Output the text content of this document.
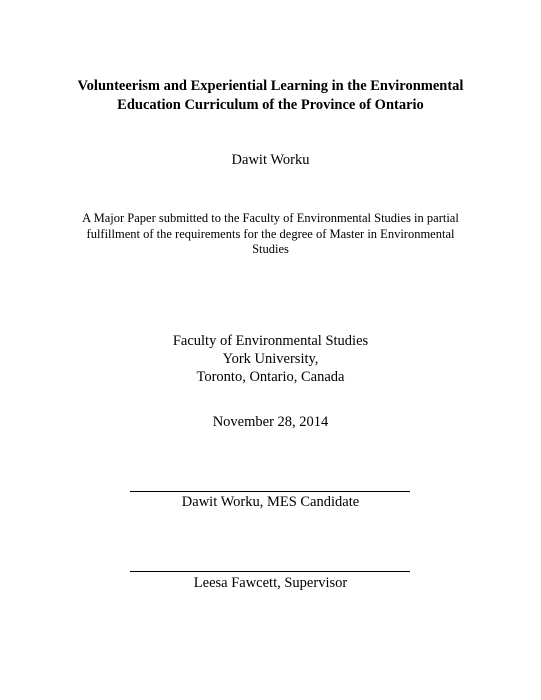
Volunteerism and Experiential Learning in the Environmental
Education Curriculum of the Province of Ontario
Dawit Worku
A Major Paper submitted to the Faculty of Environmental Studies in partial
fulfillment of the requirements for the degree of Master in Environmental
Studies
Faculty of Environmental Studies
York University,
Toronto, Ontario, Canada
November 28, 2014
Dawit Worku, MES Candidate
Leesa Fawcett, Supervisor
